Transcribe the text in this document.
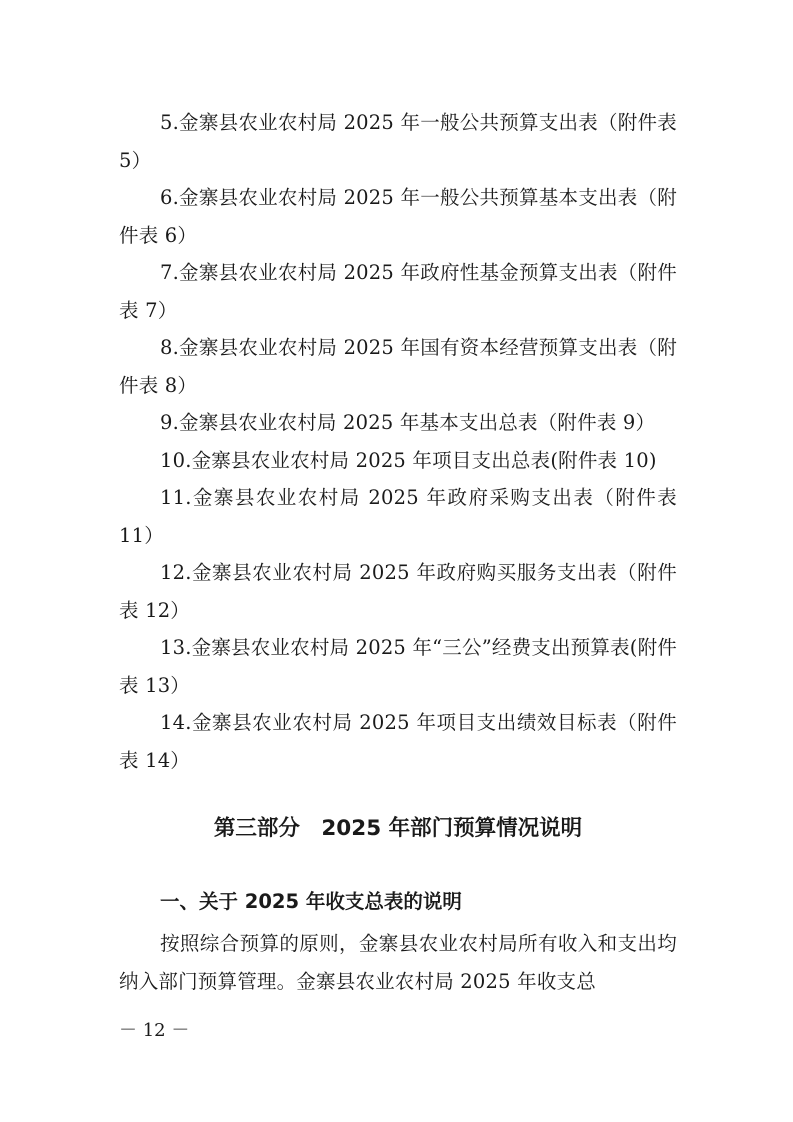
5.金寨县农业农村局 2025 年一般公共预算支出表（附件表 5）
6.金寨县农业农村局 2025 年一般公共预算基本支出表（附件表 6）
7.金寨县农业农村局 2025 年政府性基金预算支出表（附件表 7）
8.金寨县农业农村局 2025 年国有资本经营预算支出表（附件表 8）
9.金寨县农业农村局 2025 年基本支出总表（附件表 9）
10.金寨县农业农村局 2025 年项目支出总表(附件表 10)
11.金寨县农业农村局 2025 年政府采购支出表（附件表 11）
12.金寨县农业农村局 2025 年政府购买服务支出表（附件表 12）
13.金寨县农业农村局 2025 年“三公”经费支出预算表(附件表 13）
14.金寨县农业农村局 2025 年项目支出绩效目标表（附件表 14）
第三部分　2025 年部门预算情况说明
一、关于 2025 年收支总表的说明
按照综合预算的原则，金寨县农业农村局所有收入和支出均纳入部门预算管理。金寨县农业农村局 2025 年收支总
－ 12 －
